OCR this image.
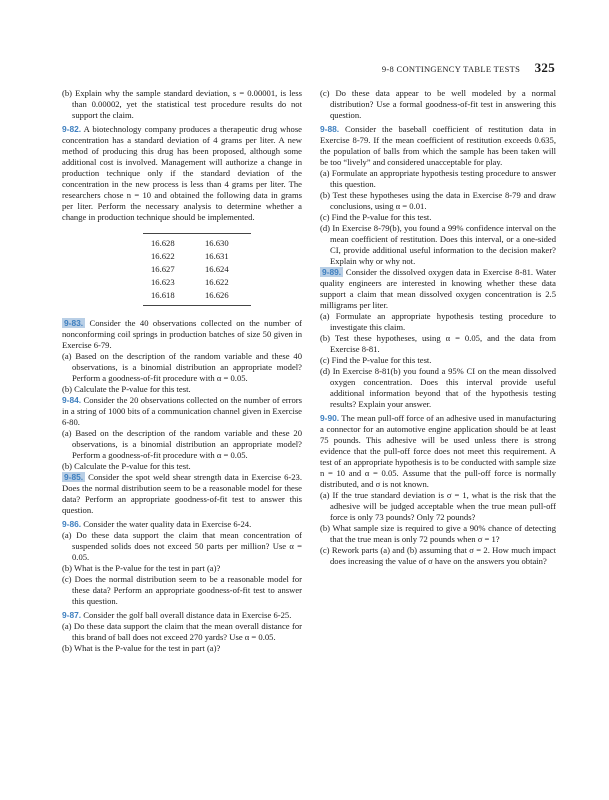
9-8 CONTINGENCY TABLE TESTS 325

(b) Explain why the sample standard deviation, s = 0.00001, is less than 0.00002, yet the statistical test procedure results do not support the claim.

9-82. A biotechnology company produces a therapeutic drug whose concentration has a standard deviation of 4 grams per liter. A new method of producing this drug has been proposed, although some additional cost is involved. Management will authorize a change in production technique only if the standard deviation of the concentration in the new process is less than 4 grams per liter. The researchers chose n = 10 and obtained the following data in grams per liter. Perform the necessary analysis to determine whether a change in production technique should be implemented.

16.628	16.630
16.622	16.631
16.627	16.624
16.623	16.622
16.618	16.626

9-83. Consider the 40 observations collected on the number of nonconforming coil springs in production batches of size 50 given in Exercise 6-79.

(a) Based on the description of the random variable and these 40 observations, is a binomial distribution an appropriate model? Perform a goodness-of-fit procedure with α = 0.05.

(b) Calculate the P-value for this test.

9-84. Consider the 20 observations collected on the number of errors in a string of 1000 bits of a communication channel given in Exercise 6-80.

(a) Based on the description of the random variable and these 20 observations, is a binomial distribution an appropriate model? Perform a goodness-of-fit procedure with α = 0.05.

(b) Calculate the P-value for this test.

9-85. Consider the spot weld shear strength data in Exercise 6-23. Does the normal distribution seem to be a reasonable model for these data? Perform an appropriate goodness-of-fit test to answer this question.

9-86. Consider the water quality data in Exercise 6-24.

(a) Do these data support the claim that mean concentration of suspended solids does not exceed 50 parts per million? Use α = 0.05.

(b) What is the P-value for the test in part (a)?

(c) Does the normal distribution seem to be a reasonable model for these data? Perform an appropriate goodness-of-fit test to answer this question.

9-87. Consider the golf ball overall distance data in Exercise 6-25.

(a) Do these data support the claim that the mean overall distance for this brand of ball does not exceed 270 yards? Use α = 0.05.

(b) What is the P-value for the test in part (a)?

(c) Do these data appear to be well modeled by a normal distribution? Use a formal goodness-of-fit test in answering this question.

9-88. Consider the baseball coefficient of restitution data in Exercise 8-79. If the mean coefficient of restitution exceeds 0.635, the population of balls from which the sample has been taken will be too “lively” and considered unacceptable for play.

(a) Formulate an appropriate hypothesis testing procedure to answer this question.

(b) Test these hypotheses using the data in Exercise 8-79 and draw conclusions, using α = 0.01.

(c) Find the P-value for this test.

(d) In Exercise 8-79(b), you found a 99% confidence interval on the mean coefficient of restitution. Does this interval, or a one-sided CI, provide additional useful information to the decision maker? Explain why or why not.

9-89. Consider the dissolved oxygen data in Exercise 8-81. Water quality engineers are interested in knowing whether these data support a claim that mean dissolved oxygen concentration is 2.5 milligrams per liter.

(a) Formulate an appropriate hypothesis testing procedure to investigate this claim.

(b) Test these hypotheses, using α = 0.05, and the data from Exercise 8-81.

(c) Find the P-value for this test.

(d) In Exercise 8-81(b) you found a 95% CI on the mean dissolved oxygen concentration. Does this interval provide useful additional information beyond that of the hypothesis testing results? Explain your answer.

9-90. The mean pull-off force of an adhesive used in manufacturing a connector for an automotive engine application should be at least 75 pounds. This adhesive will be used unless there is strong evidence that the pull-off force does not meet this requirement. A test of an appropriate hypothesis is to be conducted with sample size n = 10 and α = 0.05. Assume that the pull-off force is normally distributed, and σ is not known.

(a) If the true standard deviation is σ = 1, what is the risk that the adhesive will be judged acceptable when the true mean pull-off force is only 73 pounds? Only 72 pounds?

(b) What sample size is required to give a 90% chance of detecting that the true mean is only 72 pounds when σ = 1?

(c) Rework parts (a) and (b) assuming that σ = 2. How much impact does increasing the value of σ have on the answers you obtain?
